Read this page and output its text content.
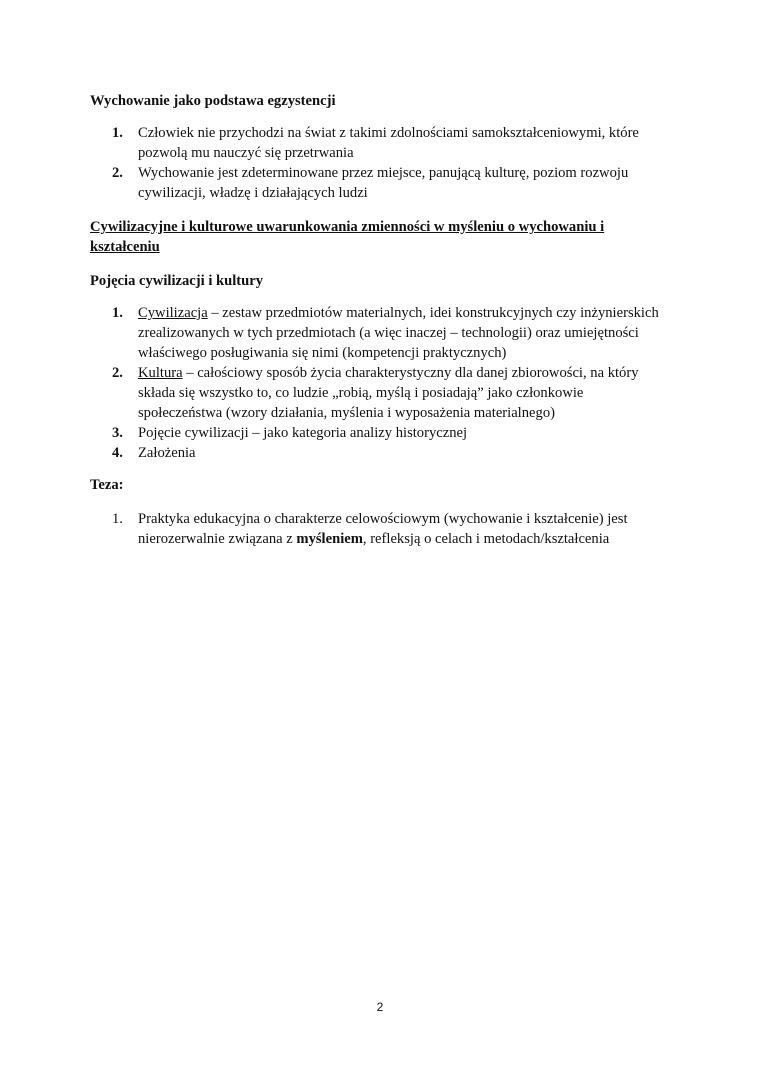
Wychowanie jako podstawa egzystencji

1. Człowiek nie przychodzi na świat z takimi zdolnościami samokształceniowymi, które pozwolą mu nauczyć się przetrwania
2. Wychowanie jest zdeterminowane przez miejsce, panującą kulturę, poziom rozwoju cywilizacji, władzę i działających ludzi

Cywilizacyjne i kulturowe uwarunkowania zmienności w myśleniu o wychowaniu i kształceniu

Pojęcia cywilizacji i kultury

1. Cywilizacja – zestaw przedmiotów materialnych, idei konstrukcyjnych czy inżynierskich zrealizowanych w tych przedmiotach (a więc inaczej – technologii) oraz umiejętności właściwego posługiwania się nimi (kompetencji praktycznych)
2. Kultura – całościowy sposób życia charakterystyczny dla danej zbiorowości, na który składa się wszystko to, co ludzie „robią, myślą i posiadają” jako członkowie społeczeństwa (wzory działania, myślenia i wyposażenia materialnego)
3. Pojęcie cywilizacji – jako kategoria analizy historycznej
4. Założenia

Teza:

1. Praktyka edukacyjna o charakterze celowościowym (wychowanie i kształcenie) jest nierozerwalnie związana z myśleniem, refleksją o celach i metodach/kształcenia
2
